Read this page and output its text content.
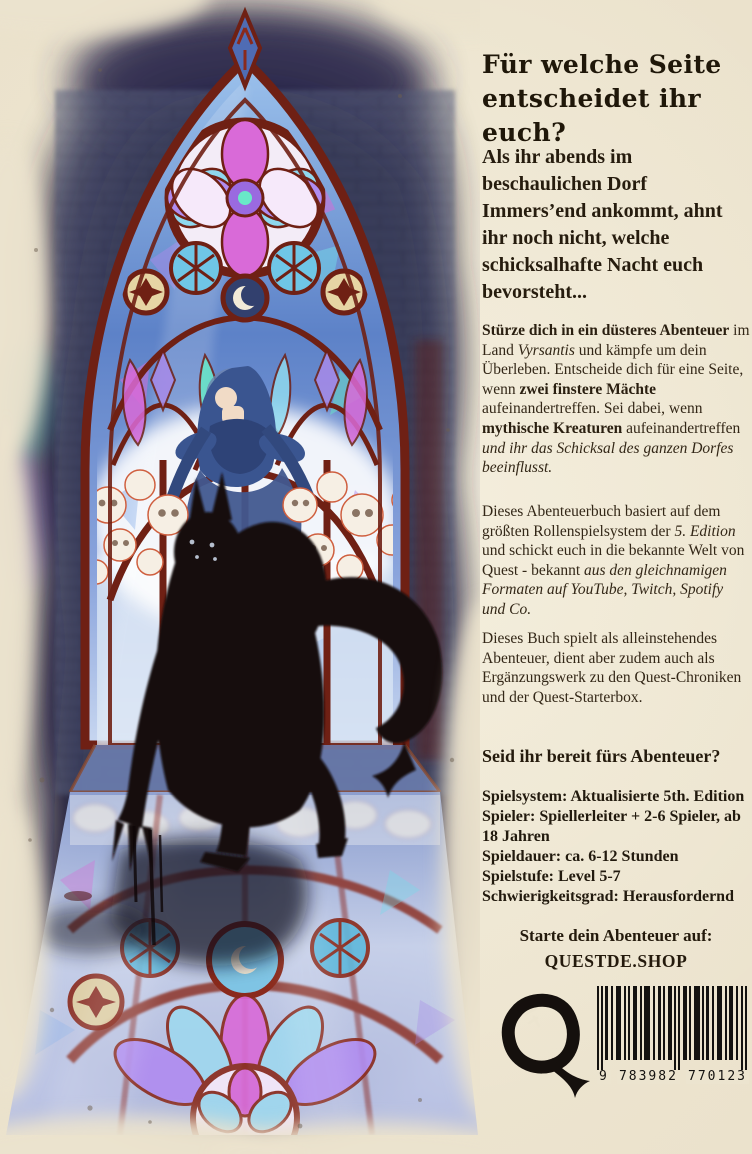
Für welche Seite
entscheidet ihr euch?

Als ihr abends im beschaulichen Dorf Immers’end ankommt, ahnt ihr noch nicht, welche schicksalhafte Nacht euch bevorsteht...

Stürze dich in ein düsteres Abenteuer im Land Vyrsantis und kämpfe um dein Überleben. Entscheide dich für eine Seite, wenn zwei finstere Mächte aufeinandertreffen. Sei dabei, wenn mythische Kreaturen aufeinandertreffen und ihr das Schicksal des ganzen Dorfes beeinflusst.

Dieses Abenteuerbuch basiert auf dem größten Rollenspielsystem der 5. Edition und schickt euch in die bekannte Welt von Quest - bekannt aus den gleichnamigen Formaten auf YouTube, Twitch, Spotify und Co.

Dieses Buch spielt als alleinstehendes Abenteuer, dient aber zudem auch als Ergänzungswerk zu den Quest-Chroniken und der Quest-Starterbox.

Seid ihr bereit fürs Abenteuer?

Spielsystem: Aktualisierte 5th. Edition
Spieler: Spiellerleiter + 2-6 Spieler, ab 18 Jahren
Spieldauer: ca. 6-12 Stunden
Spielstufe: Level 5-7
Schwierigkeitsgrad: Herausfordernd
Starte dein Abenteuer auf:
QUESTDE.SHOP
9 783982 770123
